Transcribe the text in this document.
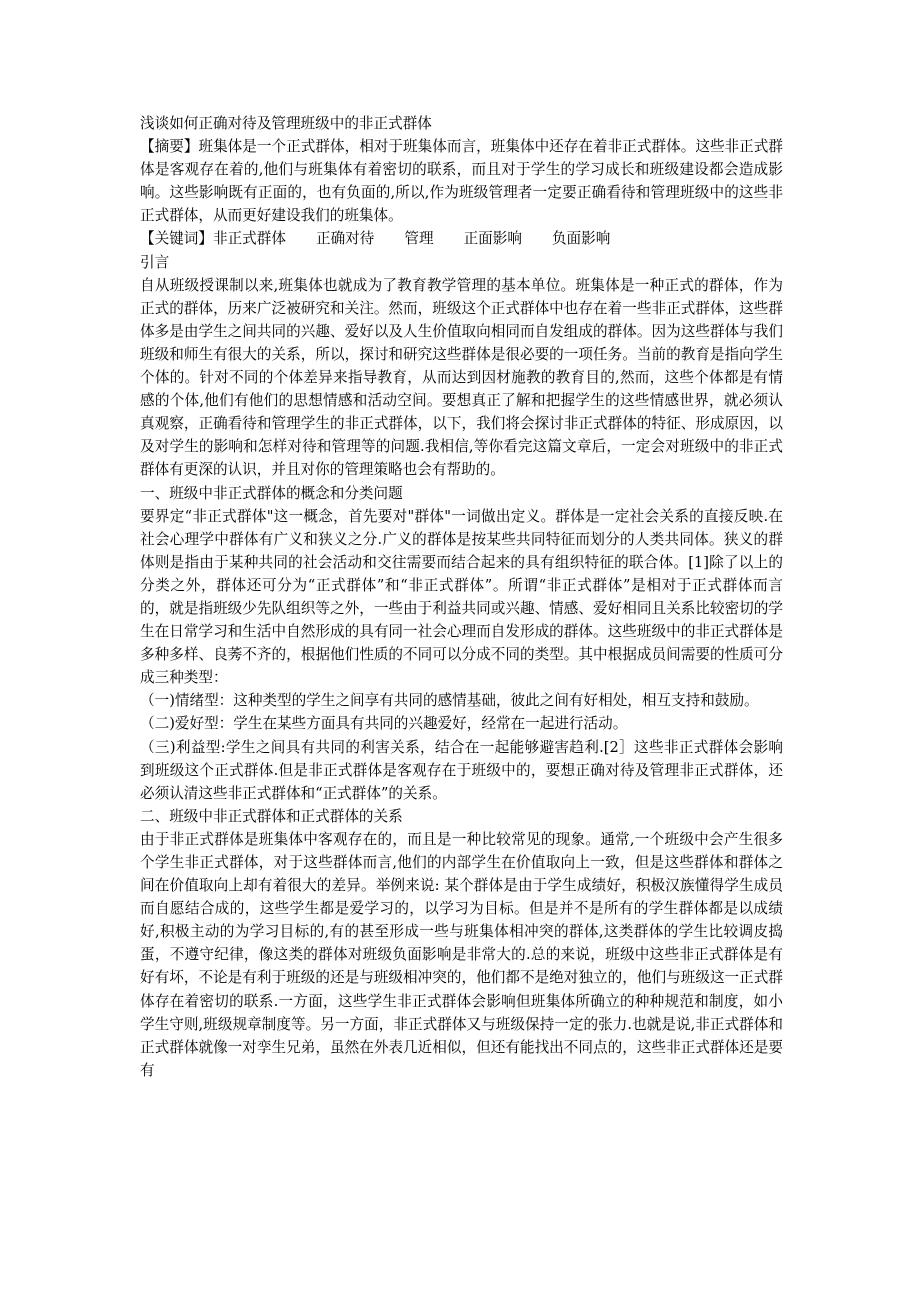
浅谈如何正确对待及管理班级中的非正式群体

【摘要】班集体是一个正式群体，相对于班集体而言，班集体中还存在着非正式群体。这些非正式群体是客观存在着的,他们与班集体有着密切的联系，而且对于学生的学习成长和班级建设都会造成影响。这些影响既有正面的，也有负面的,所以,作为班级管理者一定要正确看待和管理班级中的这些非正式群体，从而更好建设我们的班集体。

【关键词】非正式群体 正确对待 管理 正面影响 负面影响

引言

自从班级授课制以来,班集体也就成为了教育教学管理的基本单位。班集体是一种正式的群体，作为正式的群体，历来广泛被研究和关注。然而，班级这个正式群体中也存在着一些非正式群体，这些群体多是由学生之间共同的兴趣、爱好以及人生价值取向相同而自发组成的群体。因为这些群体与我们班级和师生有很大的关系，所以，探讨和研究这些群体是很必要的一项任务。当前的教育是指向学生个体的。针对不同的个体差异来指导教育，从而达到因材施教的教育目的,然而，这些个体都是有情感的个体,他们有他们的思想情感和活动空间。要想真正了解和把握学生的这些情感世界，就必须认真观察，正确看待和管理学生的非正式群体，以下，我们将会探讨非正式群体的特征、形成原因，以及对学生的影响和怎样对待和管理等的问题.我相信,等你看完这篇文章后，一定会对班级中的非正式群体有更深的认识，并且对你的管理策略也会有帮助的。

一、班级中非正式群体的概念和分类问题

要界定“非正式群体"这一概念，首先要对"群体"一词做出定义。群体是一定社会关系的直接反映.在社会心理学中群体有广义和狭义之分.广义的群体是按某些共同特征而划分的人类共同体。狭义的群体则是指由于某种共同的社会活动和交往需要而结合起来的具有组织特征的联合体。[1]除了以上的分类之外，群体还可分为“正式群体”和“非正式群体”。所谓“非正式群体”是相对于正式群体而言的，就是指班级少先队组织等之外，一些由于利益共同或兴趣、情感、爱好相同且关系比较密切的学生在日常学习和生活中自然形成的具有同一社会心理而自发形成的群体。这些班级中的非正式群体是多种多样、良莠不齐的，根据他们性质的不同可以分成不同的类型。其中根据成员间需要的性质可分成三种类型：

（一)情绪型：这种类型的学生之间享有共同的感情基础，彼此之间有好相处，相互支持和鼓励。

（二)爱好型：学生在某些方面具有共同的兴趣爱好，经常在一起进行活动。

（三)利益型:学生之间具有共同的利害关系，结合在一起能够避害趋利.[2］这些非正式群体会影响到班级这个正式群体.但是非正式群体是客观存在于班级中的，要想正确对待及管理非正式群体，还必须认清这些非正式群体和“正式群体”的关系。

二、班级中非正式群体和正式群体的关系

由于非正式群体是班集体中客观存在的，而且是一种比较常见的现象。通常,一个班级中会产生很多个学生非正式群体，对于这些群体而言,他们的内部学生在价值取向上一致，但是这些群体和群体之间在价值取向上却有着很大的差异。举例来说: 某个群体是由于学生成绩好，积极汉族懂得学生成员而自愿结合成的，这些学生都是爱学习的，以学习为目标。但是并不是所有的学生群体都是以成绩好,积极主动的为学习目标的,有的甚至形成一些与班集体相冲突的群体,这类群体的学生比较调皮捣蛋，不遵守纪律，像这类的群体对班级负面影响是非常大的.总的来说，班级中这些非正式群体是有好有坏，不论是有利于班级的还是与班级相冲突的，他们都不是绝对独立的，他们与班级这一正式群体存在着密切的联系.一方面，这些学生非正式群体会影响但班集体所确立的种种规范和制度，如小学生守则,班级规章制度等。另一方面，非正式群体又与班级保持一定的张力.也就是说,非正式群体和正式群体就像一对孪生兄弟，虽然在外表几近相似，但还有能找出不同点的，这些非正式群体还是要有
